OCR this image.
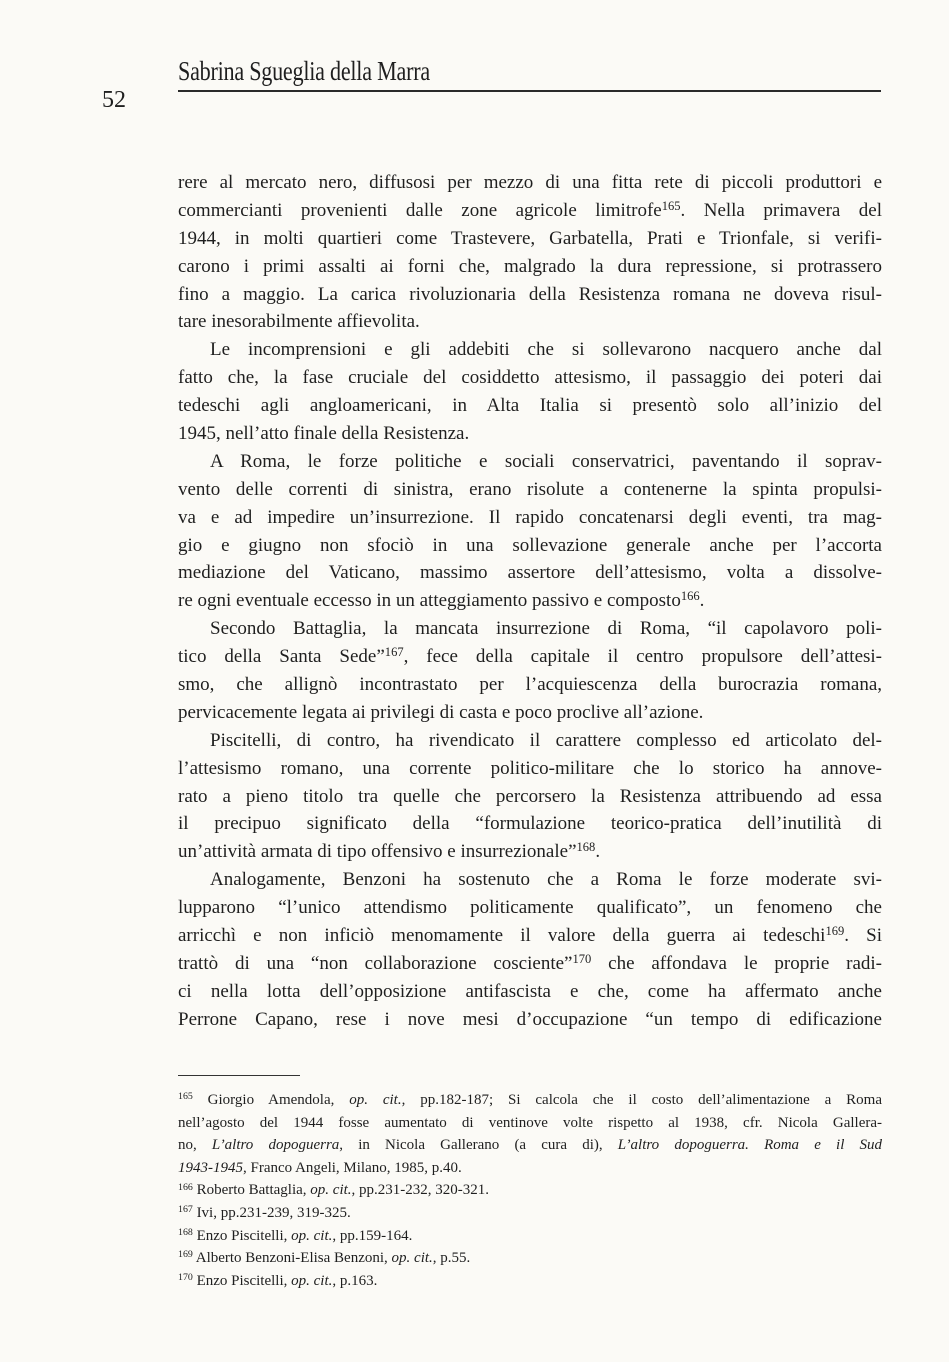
Sabrina Sgueglia della Marra
52
rere al mercato nero, diffusosi per mezzo di una fitta rete di piccoli produttori e
commercianti provenienti dalle zone agricole limitrofe$^{165}$. Nella primavera del
1944, in molti quartieri come Trastevere, Garbatella, Prati e Trionfale, si verifi-
carono i primi assalti ai forni che, malgrado la dura repressione, si protrassero
fino a maggio. La carica rivoluzionaria della Resistenza romana ne doveva risul-
tare inesorabilmente affievolita.
Le incomprensioni e gli addebiti che si sollevarono nacquero anche dal
fatto che, la fase cruciale del cosiddetto attesismo, il passaggio dei poteri dai
tedeschi agli angloamericani, in Alta Italia si presentò solo all’inizio del
1945, nell’atto finale della Resistenza.
A Roma, le forze politiche e sociali conservatrici, paventando il soprav-
vento delle correnti di sinistra, erano risolute a contenerne la spinta propulsi-
va e ad impedire un’insurrezione. Il rapido concatenarsi degli eventi, tra mag-
gio e giugno non sfociò in una sollevazione generale anche per l’accorta
mediazione del Vaticano, massimo assertore dell’attesismo, volta a dissolve-
re ogni eventuale eccesso in un atteggiamento passivo e composto$^{166}$.
Secondo Battaglia, la mancata insurrezione di Roma, “il capolavoro poli-
tico della Santa Sede”$^{167}$, fece della capitale il centro propulsore dell’attesi-
smo, che allignò incontrastato per l’acquiescenza della burocrazia romana,
pervicacemente legata ai privilegi di casta e poco proclive all’azione.
Piscitelli, di contro, ha rivendicato il carattere complesso ed articolato del-
l’attesismo romano, una corrente politico-militare che lo storico ha annove-
rato a pieno titolo tra quelle che percorsero la Resistenza attribuendo ad essa
il precipuo significato della “formulazione teorico-pratica dell’inutilità di
un’attività armata di tipo offensivo e insurrezionale”$^{168}$.
Analogamente, Benzoni ha sostenuto che a Roma le forze moderate svi-
lupparono “l’unico attendismo politicamente qualificato”, un fenomeno che
arricchì e non inficiò menomamente il valore della guerra ai tedeschi$^{169}$. Si
trattò di una “non collaborazione cosciente”$^{170}$ che affondava le proprie radi-
ci nella lotta dell’opposizione antifascista e che, come ha affermato anche
Perrone Capano, rese i nove mesi d’occupazione “un tempo di edificazione
$^{165}$ Giorgio Amendola, op. cit., pp.182-187; Si calcola che il costo dell’alimentazione a Roma
nell’agosto del 1944 fosse aumentato di ventinove volte rispetto al 1938, cfr. Nicola Gallera-
no, L’altro dopoguerra, in Nicola Gallerano (a cura di), L’altro dopoguerra. Roma e il Sud
1943-1945, Franco Angeli, Milano, 1985, p.40.
$^{166}$ Roberto Battaglia, op. cit., pp.231-232, 320-321.
$^{167}$ Ivi, pp.231-239, 319-325.
$^{168}$ Enzo Piscitelli, op. cit., pp.159-164.
$^{169}$ Alberto Benzoni-Elisa Benzoni, op. cit., p.55.
$^{170}$ Enzo Piscitelli, op. cit., p.163.
